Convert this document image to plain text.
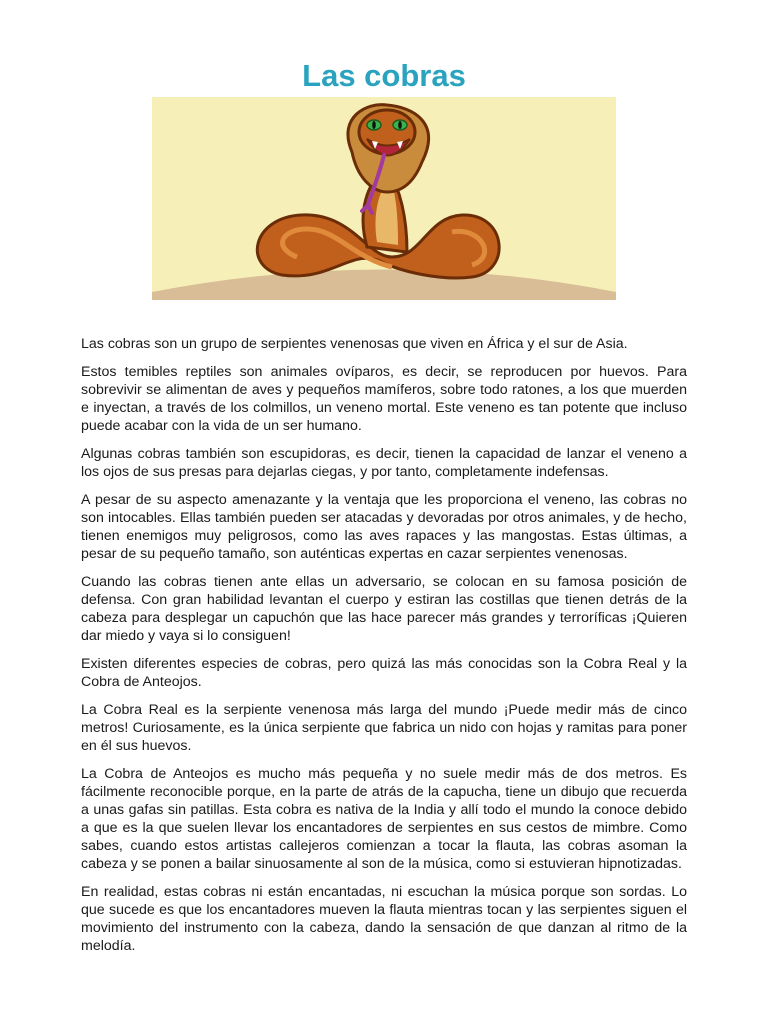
Las cobras

Las cobras son un grupo de serpientes venenosas que viven en África y el sur de Asia.

Estos temibles reptiles son animales ovíparos, es decir, se reproducen por huevos. Para sobrevivir se alimentan de aves y pequeños mamíferos, sobre todo ratones, a los que muerden e inyectan, a través de los colmillos, un veneno mortal. Este veneno es tan potente que incluso puede acabar con la vida de un ser humano.

Algunas cobras también son escupidoras, es decir, tienen la capacidad de lanzar el veneno a los ojos de sus presas para dejarlas ciegas, y por tanto, completamente indefensas.

A pesar de su aspecto amenazante y la ventaja que les proporciona el veneno, las cobras no son intocables. Ellas también pueden ser atacadas y devoradas por otros animales, y de hecho, tienen enemigos muy peligrosos, como las aves rapaces y las mangostas. Estas últimas, a pesar de su pequeño tamaño, son auténticas expertas en cazar serpientes venenosas.

Cuando las cobras tienen ante ellas un adversario, se colocan en su famosa posición de defensa. Con gran habilidad levantan el cuerpo y estiran las costillas que tienen detrás de la cabeza para desplegar un capuchón que las hace parecer más grandes y terroríficas ¡Quieren dar miedo y vaya si lo consiguen!

Existen diferentes especies de cobras, pero quizá las más conocidas son la Cobra Real y la Cobra de Anteojos.

La Cobra Real es la serpiente venenosa más larga del mundo ¡Puede medir más de cinco metros! Curiosamente, es la única serpiente que fabrica un nido con hojas y ramitas para poner en él sus huevos.

La Cobra de Anteojos es mucho más pequeña y no suele medir más de dos metros. Es fácilmente reconocible porque, en la parte de atrás de la capucha, tiene un dibujo que recuerda a unas gafas sin patillas. Esta cobra es nativa de la India y allí todo el mundo la conoce debido a que es la que suelen llevar los encantadores de serpientes en sus cestos de mimbre. Como sabes, cuando estos artistas callejeros comienzan a tocar la flauta, las cobras asoman la cabeza y se ponen a bailar sinuosamente al son de la música, como si estuvieran hipnotizadas.

En realidad, estas cobras ni están encantadas, ni escuchan la música porque son sordas. Lo que sucede es que los encantadores mueven la flauta mientras tocan y las serpientes siguen el movimiento del instrumento con la cabeza, dando la sensación de que danzan al ritmo de la melodía.
